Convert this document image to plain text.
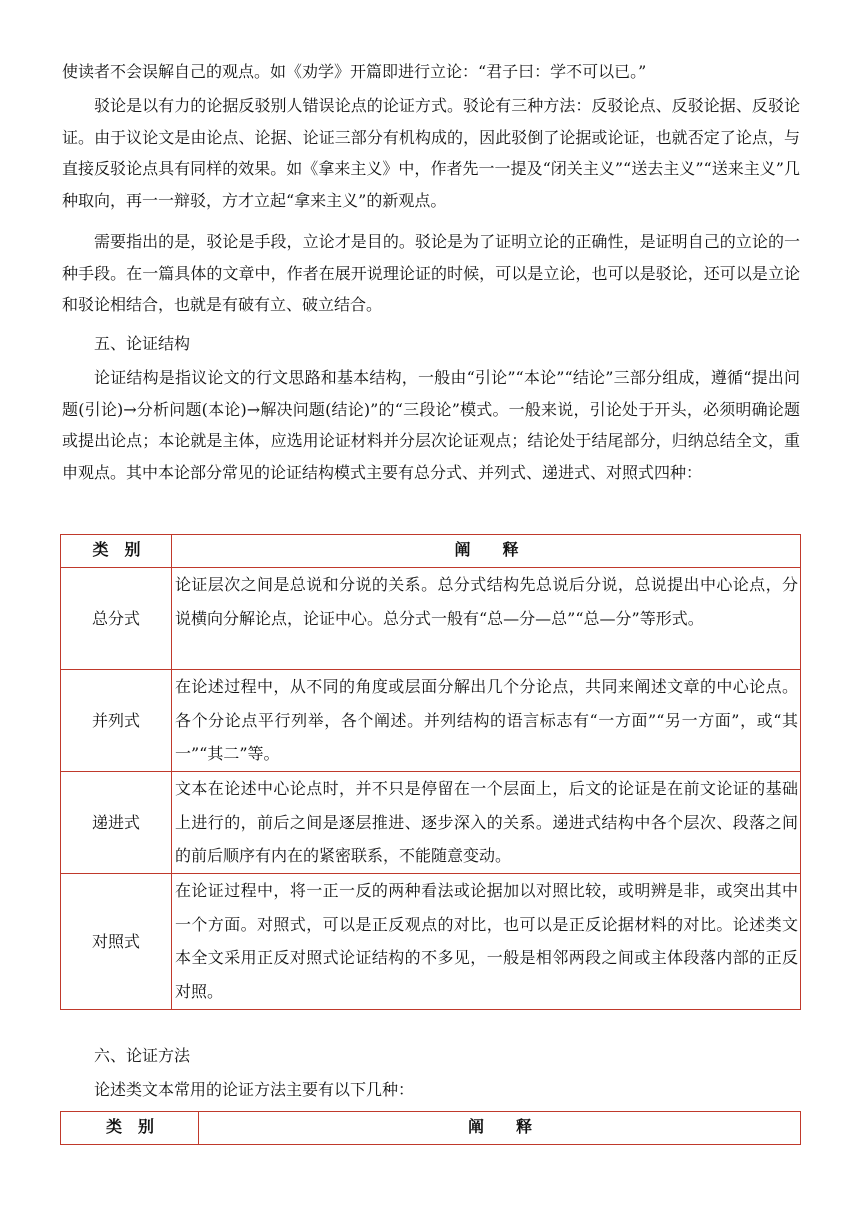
使读者不会误解自己的观点。如《劝学》开篇即进行立论：“君子曰：学不可以已。”

驳论是以有力的论据反驳别人错误论点的论证方式。驳论有三种方法：反驳论点、反驳论据、反驳论证。由于议论文是由论点、论据、论证三部分有机构成的，因此驳倒了论据或论证，也就否定了论点，与直接反驳论点具有同样的效果。如《拿来主义》中，作者先一一提及“闭关主义”“送去主义”“送来主义”几种取向，再一一辩驳，方才立起“拿来主义”的新观点。

需要指出的是，驳论是手段，立论才是目的。驳论是为了证明立论的正确性，是证明自己的立论的一种手段。在一篇具体的文章中，作者在展开说理论证的时候，可以是立论，也可以是驳论，还可以是立论和驳论相结合，也就是有破有立、破立结合。

五、论证结构

论证结构是指议论文的行文思路和基本结构，一般由“引论”“本论”“结论”三部分组成，遵循“提出问题(引论)→分析问题(本论)→解决问题(结论)”的“三段论”模式。一般来说，引论处于开头，必须明确论题或提出论点；本论就是主体，应选用论证材料并分层次论证观点；结论处于结尾部分，归纳总结全文，重申观点。其中本论部分常见的论证结构模式主要有总分式、并列式、递进式、对照式四种：

类　别	阐　　释
总分式	论证层次之间是总说和分说的关系。总分式结构先总说后分说，总说提出中心论点，分说横向分解论点，论证中心。总分式一般有“总—分—总”“总—分”等形式。
并列式	在论述过程中，从不同的角度或层面分解出几个分论点，共同来阐述文章的中心论点。各个分论点平行列举，各个阐述。并列结构的语言标志有“一方面”“另一方面”，或“其一”“其二”等。
递进式	文本在论述中心论点时，并不只是停留在一个层面上，后文的论证是在前文论证的基础上进行的，前后之间是逐层推进、逐步深入的关系。递进式结构中各个层次、段落之间的前后顺序有内在的紧密联系，不能随意变动。
对照式	在论证过程中，将一正一反的两种看法或论据加以对照比较，或明辨是非，或突出其中一个方面。对照式，可以是正反观点的对比，也可以是正反论据材料的对比。论述类文本全文采用正反对照式论证结构的不多见，一般是相邻两段之间或主体段落内部的正反对照。

六、论证方法

论述类文本常用的论证方法主要有以下几种：

类　别	阐　　释
